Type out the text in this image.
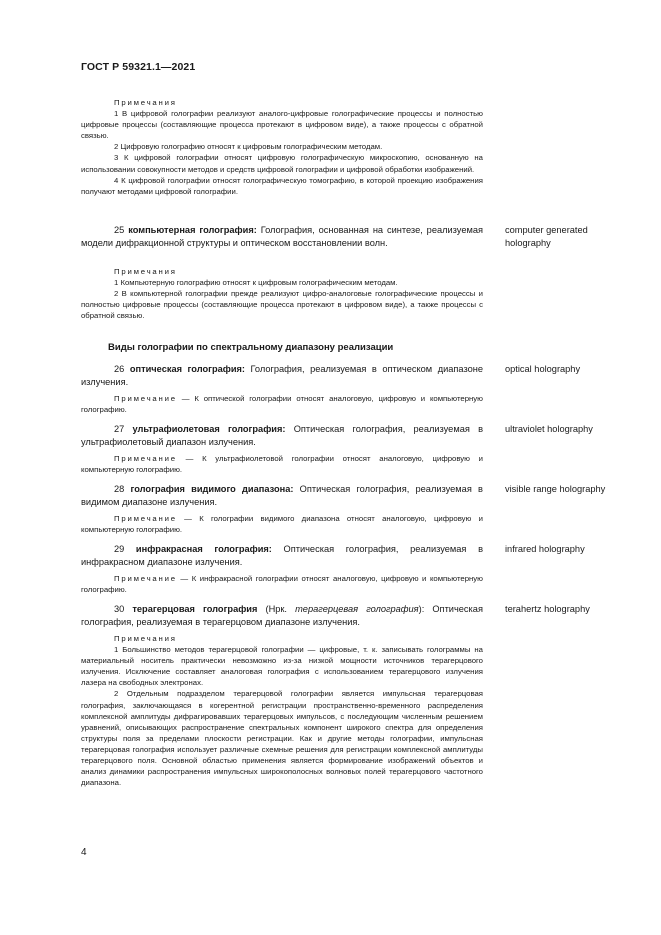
ГОСТ Р 59321.1—2021

Примечания

1 В цифровой голографии реализуют аналого-цифровые голографические процессы и полностью цифровые процессы (составляющие процесса протекают в цифровом виде), а также процессы с обратной связью.

2 Цифровую голографию относят к цифровым голографическим методам.

3 К цифровой голографии относят цифровую голографическую микроскопию, основанную на использовании совокупности методов и средств цифровой голографии и цифровой обработки изображений.

4 К цифровой голографии относят голографическую томографию, в которой проекцию изображения получают методами цифровой голографии.

25 компьютерная голография: Голография, основанная на синтезе, реализуемая модели дифракционной структуры и оптическом восстановлении волн.

computer generated holography

Примечания

1 Компьютерную голографию относят к цифровым голографическим методам.

2 В компьютерной голографии прежде реализуют цифро-аналоговые голографические процессы и полностью цифровые процессы (составляющие процесса протекают в цифровом виде), а также процессы с обратной связью.

Виды голографии по спектральному диапазону реализации

26 оптическая голография: Голография, реализуемая в оптическом диапазоне излучения.

optical holography

Примечание — К оптической голографии относят аналоговую, цифровую и компьютерную голографию.

27 ультрафиолетовая голография: Оптическая голография, реализуемая в ультрафиолетовый диапазон излучения.

ultraviolet holography

Примечание — К ультрафиолетовой голографии относят аналоговую, цифровую и компьютерную голографию.

28 голография видимого диапазона: Оптическая голография, реализуемая в видимом диапазоне излучения.

visible range holography

Примечание — К голографии видимого диапазона относят аналоговую, цифровую и компьютерную голографию.

29 инфракрасная голография: Оптическая голография, реализуемая в инфракрасном диапазоне излучения.

infrared holography

Примечание — К инфракрасной голографии относят аналоговую, цифровую и компьютерную голографию.

30 терагерцовая голография (Нрк. терагерцевая голография): Оптическая голография, реализуемая в терагерцовом диапазоне излучения.

terahertz holography

Примечания

1 Большинство методов терагерцовой голографии — цифровые, т. к. записывать голограммы на материальный носитель практически невозможно из-за низкой мощности источников терагерцового излучения. Исключение составляет аналоговая голография с использованием терагерцового излучения лазера на свободных электронах.

2 Отдельным подразделом терагерцовой голографии является импульсная терагерцовая голография, заключающаяся в когерентной регистрации пространственно-временного распределения комплексной амплитуды дифрагировавших терагерцовых импульсов, с последующим численным решением уравнений, описывающих распространение спектральных компонент широкого спектра для определения структуры поля за пределами плоскости регистрации. Как и другие методы голографии, импульсная терагерцовая голография использует различные схемные решения для регистрации комплексной амплитуды терагерцового поля. Основной областью применения является формирование изображений объектов и анализ динамики распространения импульсных широкополосных волновых полей терагерцового частотного диапазона.

4
